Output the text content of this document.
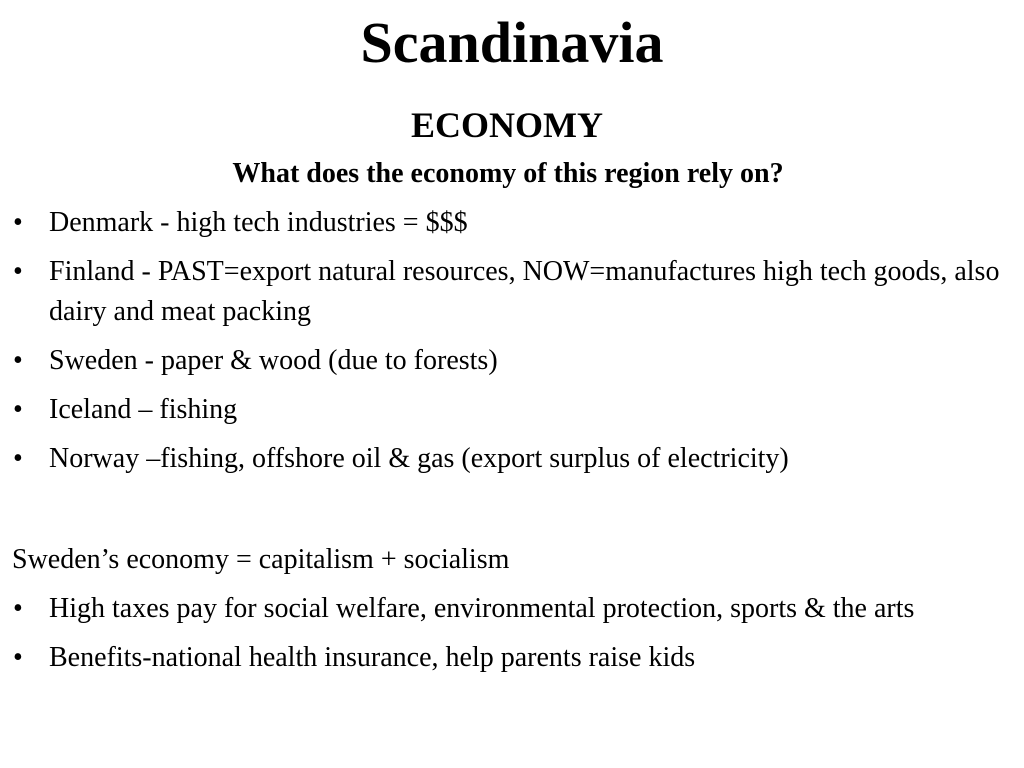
Scandinavia
ECONOMY

What does the economy of this region rely on?

• Denmark - high tech industries = $$$
• Finland - PAST=export natural resources, NOW=manufactures high tech goods, also dairy and meat packing
• Sweden - paper & wood (due to forests)
• Iceland – fishing
• Norway –fishing, offshore oil & gas (export surplus of electricity)

Sweden’s economy = capitalism + socialism

• High taxes pay for social welfare, environmental protection, sports & the arts
• Benefits-national health insurance, help parents raise kids
